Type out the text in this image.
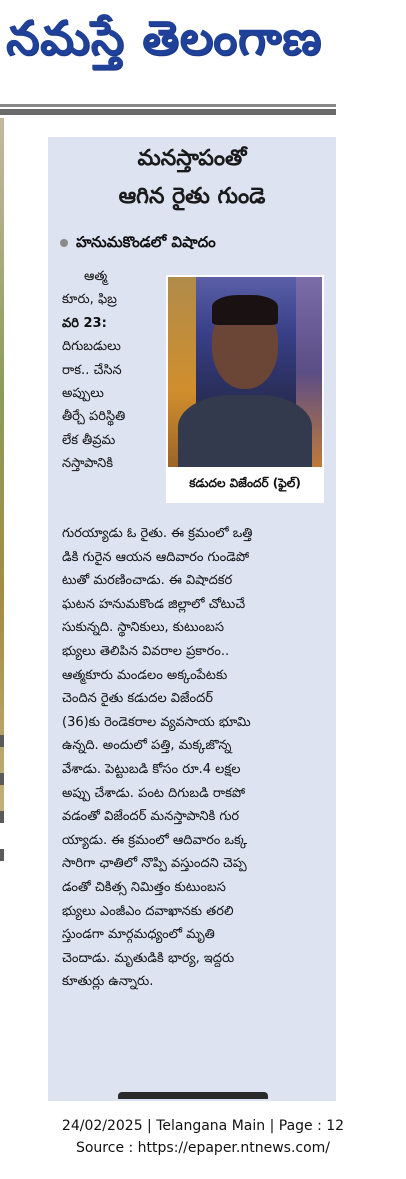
నమస్తే తెలంగాణ
మనస్తాపంతో
ఆగిన రైతు గుండె
హనుమకొండలో విషాదం
ఆత్మ
కూరు, ఫిబ్ర
వరి 23:
దిగుబడులు
రాక.. చేసిన
అప్పులు
తీర్చే పరిస్థితి
లేక తీవ్రమ
నస్తాపానికి
కడుదల విజేందర్ (ఫైల్)
గురయ్యాడు ఓ రైతు. ఈ క్రమంలో ఒత్తి
డికి గురైన ఆయన ఆదివారం గుండెపో
టుతో మరణించాడు. ఈ విషాదకర
ఘటన హనుమకొండ జిల్లాలో చోటుచే
సుకున్నది. స్థానికులు, కుటుంబస
భ్యులు తెలిపిన వివరాల ప్రకారం..
ఆత్మకూరు మండలం అక్కంపేటకు
చెందిన రైతు కడుదల విజేందర్
(36)కు రెండెకరాల వ్యవసాయ భూమి
ఉన్నది. అందులో పత్తి, మక్కజొన్న
వేశాడు. పెట్టుబడి కోసం రూ.4 లక్షల
అప్పు చేశాడు. పంట దిగుబడి రాకపో
వడంతో విజేందర్ మనస్తాపానికి గుర
య్యాడు. ఈ క్రమంలో ఆదివారం ఒక్క
సారిగా ఛాతిలో నొప్పి వస్తుందని చెప్ప
డంతో చికిత్స నిమిత్తం కుటుంబస
భ్యులు ఎంజీఎం దవాఖానకు తరలి
స్తుండగా మార్గమధ్యంలో మృతి
చెందాడు. మృతుడికి భార్య, ఇద్దరు
కూతుర్లు ఉన్నారు.
24/02/2025 | Telangana Main | Page : 12
Source : https://epaper.ntnews.com/
